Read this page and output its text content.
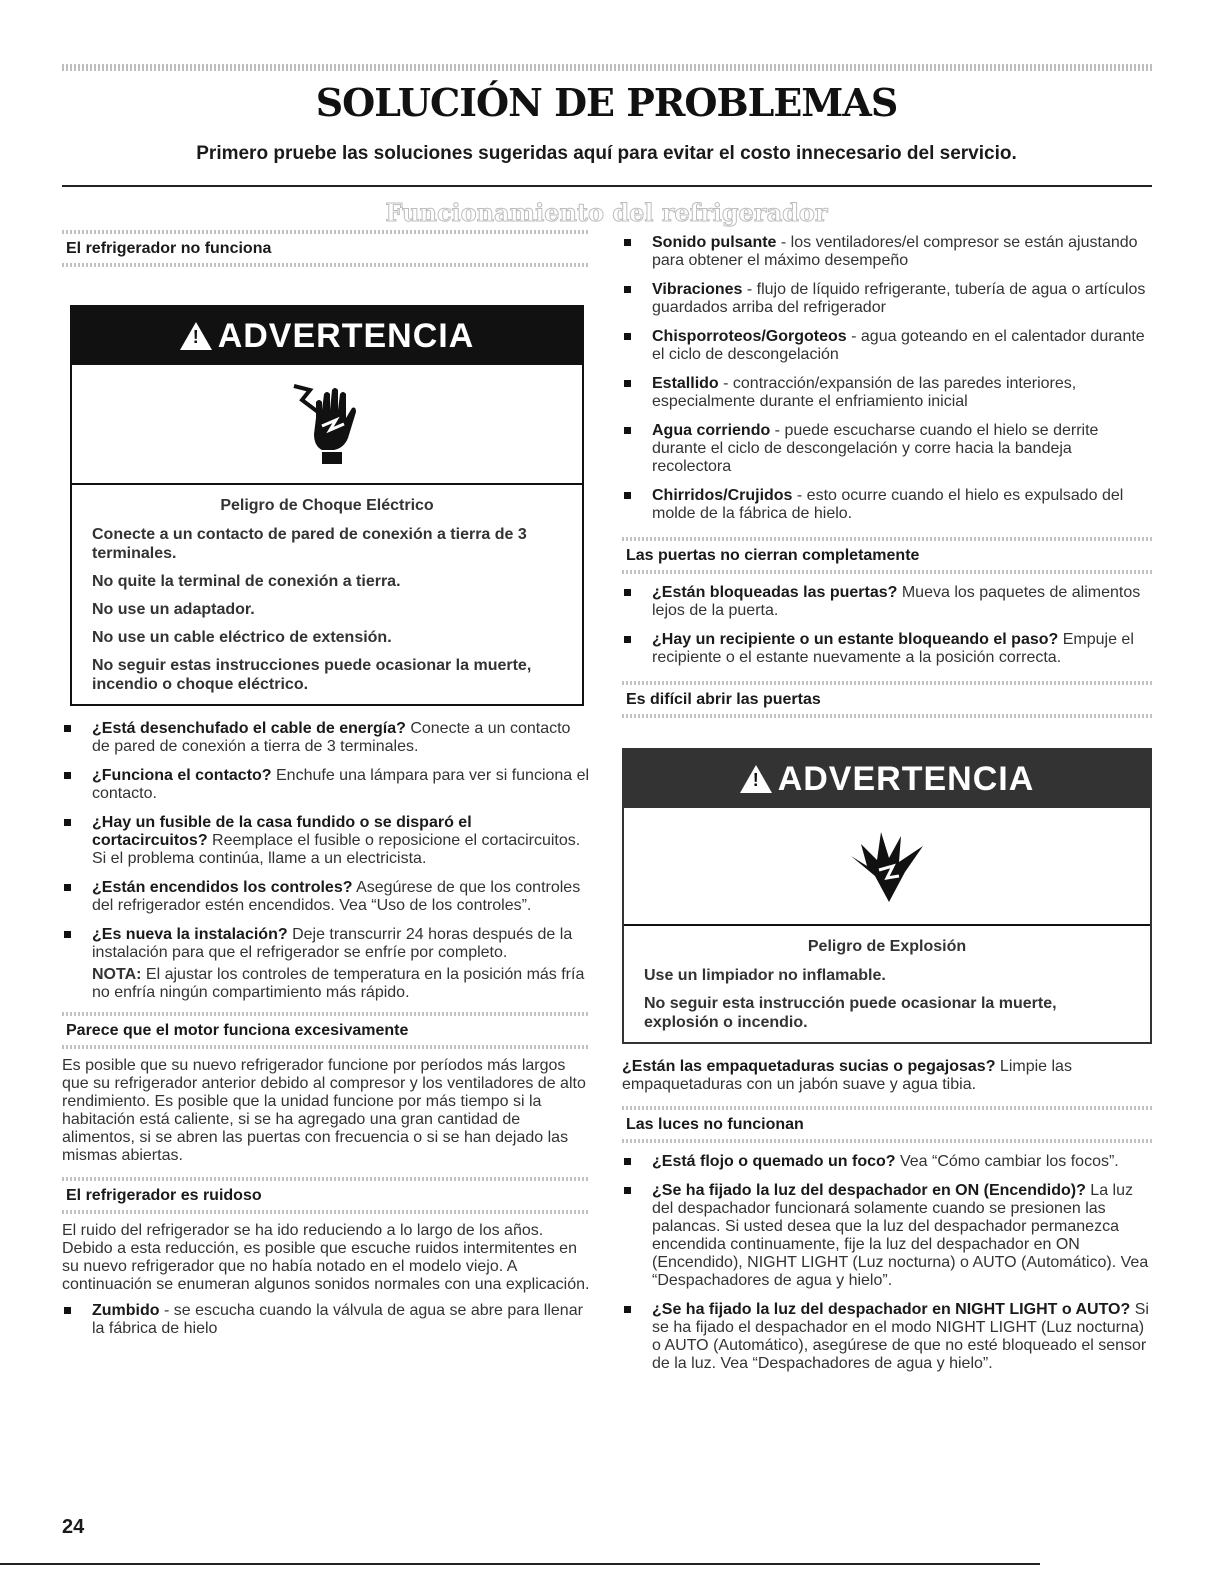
SOLUCIÓN DE PROBLEMAS

Primero pruebe las soluciones sugeridas aquí para evitar el costo innecesario del servicio.

Funcionamiento del refrigerador
El refrigerador no funciona
! ADVERTENCIA

Peligro de Choque Eléctrico

Conecte a un contacto de pared de conexión a tierra de 3 terminales.

No quite la terminal de conexión a tierra.

No use un adaptador.

No use un cable eléctrico de extensión.

No seguir estas instrucciones puede ocasionar la muerte, incendio o choque eléctrico.

¿Está desenchufado el cable de energía? Conecte a un contacto de pared de conexión a tierra de 3 terminales.
¿Funciona el contacto? Enchufe una lámpara para ver si funciona el contacto.
¿Hay un fusible de la casa fundido o se disparó el cortacircuitos? Reemplace el fusible o reposicione el cortacircuitos. Si el problema continúa, llame a un electricista.
¿Están encendidos los controles? Asegúrese de que los controles del refrigerador estén encendidos. Vea “Uso de los controles”.
¿Es nueva la instalación? Deje transcurrir 24 horas después de la instalación para que el refrigerador se enfríe por completo.

NOTA: El ajustar los controles de temperatura en la posición más fría no enfría ningún compartimiento más rápido.

Parece que el motor funciona excesivamente

Es posible que su nuevo refrigerador funcione por períodos más largos que su refrigerador anterior debido al compresor y los ventiladores de alto rendimiento. Es posible que la unidad funcione por más tiempo si la habitación está caliente, si se ha agregado una gran cantidad de alimentos, si se abren las puertas con frecuencia o si se han dejado las mismas abiertas.

El refrigerador es ruidoso

El ruido del refrigerador se ha ido reduciendo a lo largo de los años. Debido a esta reducción, es posible que escuche ruidos intermitentes en su nuevo refrigerador que no había notado en el modelo viejo. A continuación se enumeran algunos sonidos normales con una explicación.

Zumbido - se escucha cuando la válvula de agua se abre para llenar la fábrica de hielo
Sonido pulsante - los ventiladores/el compresor se están ajustando para obtener el máximo desempeño
Vibraciones - flujo de líquido refrigerante, tubería de agua o artículos guardados arriba del refrigerador
Chisporroteos/Gorgoteos - agua goteando en el calentador durante el ciclo de descongelación
Estallido - contracción/expansión de las paredes interiores, especialmente durante el enfriamiento inicial
Agua corriendo - puede escucharse cuando el hielo se derrite durante el ciclo de descongelación y corre hacia la bandeja recolectora
Chirridos/Crujidos - esto ocurre cuando el hielo es expulsado del molde de la fábrica de hielo.
Las puertas no cierran completamente
¿Están bloqueadas las puertas? Mueva los paquetes de alimentos lejos de la puerta.
¿Hay un recipiente o un estante bloqueando el paso? Empuje el recipiente o el estante nuevamente a la posición correcta.
Es difícil abrir las puertas
! ADVERTENCIA

Peligro de Explosión

Use un limpiador no inflamable.

No seguir esta instrucción puede ocasionar la muerte, explosión o incendio.

¿Están las empaquetaduras sucias o pegajosas? Limpie las empaquetaduras con un jabón suave y agua tibia.

Las luces no funcionan
¿Está flojo o quemado un foco? Vea “Cómo cambiar los focos”.
¿Se ha fijado la luz del despachador en ON (Encendido)? La luz del despachador funcionará solamente cuando se presionen las palancas. Si usted desea que la luz del despachador permanezca encendida continuamente, fije la luz del despachador en ON (Encendido), NIGHT LIGHT (Luz nocturna) o AUTO (Automático). Vea “Despachadores de agua y hielo”.
¿Se ha fijado la luz del despachador en NIGHT LIGHT o AUTO? Si se ha fijado el despachador en el modo NIGHT LIGHT (Luz nocturna) o AUTO (Automático), asegúrese de que no esté bloqueado el sensor de la luz. Vea “Despachadores de agua y hielo”.

24
